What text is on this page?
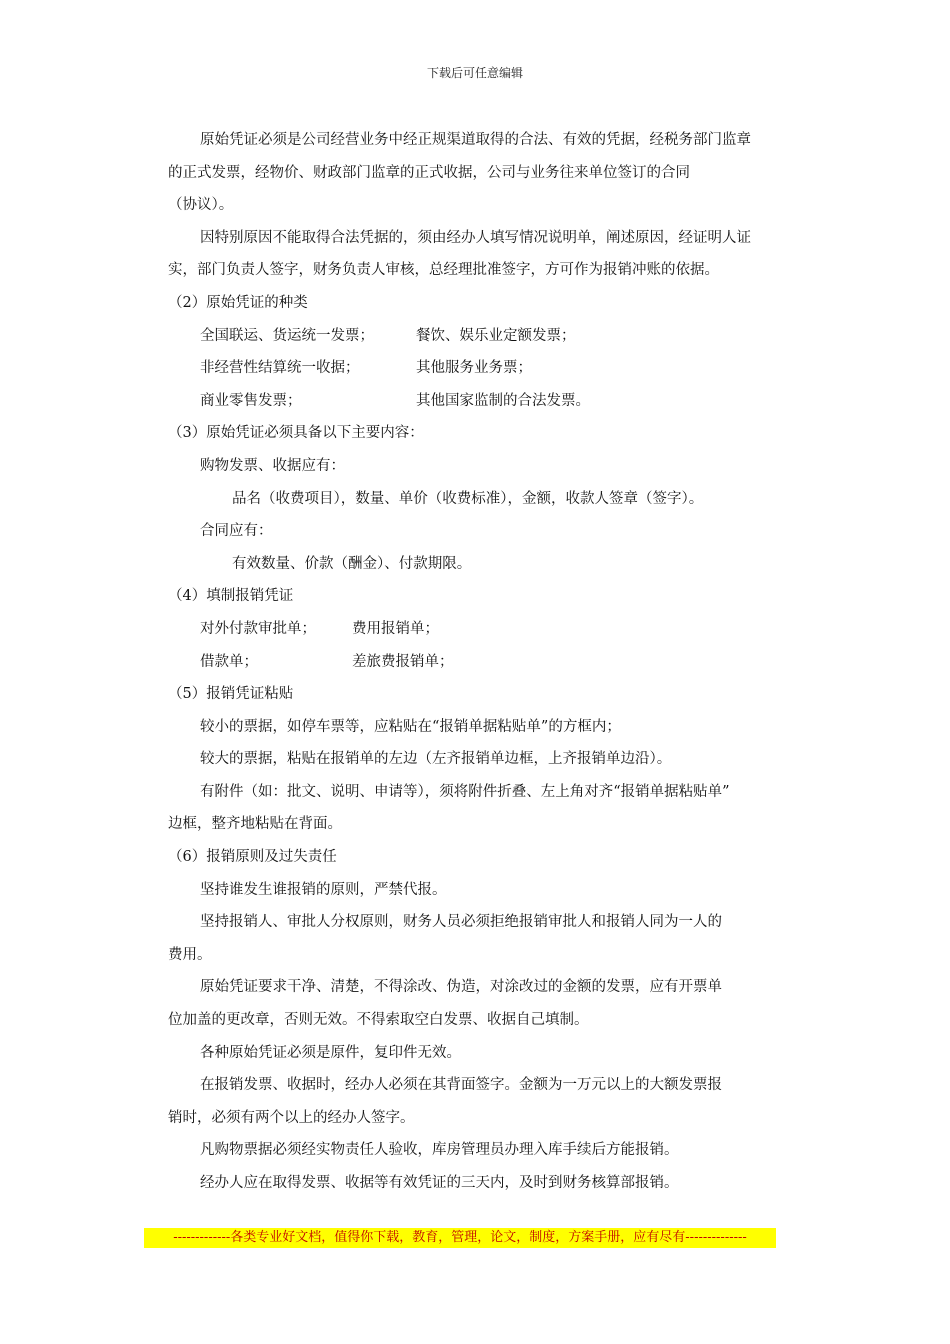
下载后可任意编辑
原始凭证必须是公司经营业务中经正规渠道取得的合法、有效的凭据，经税务部门监章
的正式发票，经物价、财政部门监章的正式收据，公司与业务往来单位签订的合同
（协议）。
因特别原因不能取得合法凭据的，须由经办人填写情况说明单，阐述原因，经证明人证
实，部门负责人签字，财务负责人审核，总经理批准签字，方可作为报销冲账的依据。
（2）原始凭证的种类
全国联运、货运统一发票；	餐饮、娱乐业定额发票；
非经营性结算统一收据；	其他服务业务票；
商业零售发票；	其他国家监制的合法发票。
（3）原始凭证必须具备以下主要内容：
购物发票、收据应有：
品名（收费项目），数量、单价（收费标准），金额，收款人签章（签字）。
合同应有：
有效数量、价款（酬金）、付款期限。
（4）填制报销凭证
对外付款审批单；	费用报销单；
借款单；	差旅费报销单；
（5）报销凭证粘贴
较小的票据，如停车票等，应粘贴在“报销单据粘贴单”的方框内；
较大的票据，粘贴在报销单的左边（左齐报销单边框，上齐报销单边沿）。
有附件（如：批文、说明、申请等），须将附件折叠、左上角对齐“报销单据粘贴单”
边框，整齐地粘贴在背面。
（6）报销原则及过失责任
坚持谁发生谁报销的原则，严禁代报。
坚持报销人、审批人分权原则，财务人员必须拒绝报销审批人和报销人同为一人的
费用。
原始凭证要求干净、清楚，不得涂改、伪造，对涂改过的金额的发票，应有开票单
位加盖的更改章，否则无效。不得索取空白发票、收据自己填制。
各种原始凭证必须是原件，复印件无效。
在报销发票、收据时，经办人必须在其背面签字。金额为一万元以上的大额发票报
销时，必须有两个以上的经办人签字。
凡购物票据必须经实物责任人验收，库房管理员办理入库手续后方能报销。
经办人应在取得发票、收据等有效凭证的三天内，及时到财务核算部报销。
-------------各类专业好文档，值得你下载，教育，管理，论文，制度，方案手册，应有尽有--------------
